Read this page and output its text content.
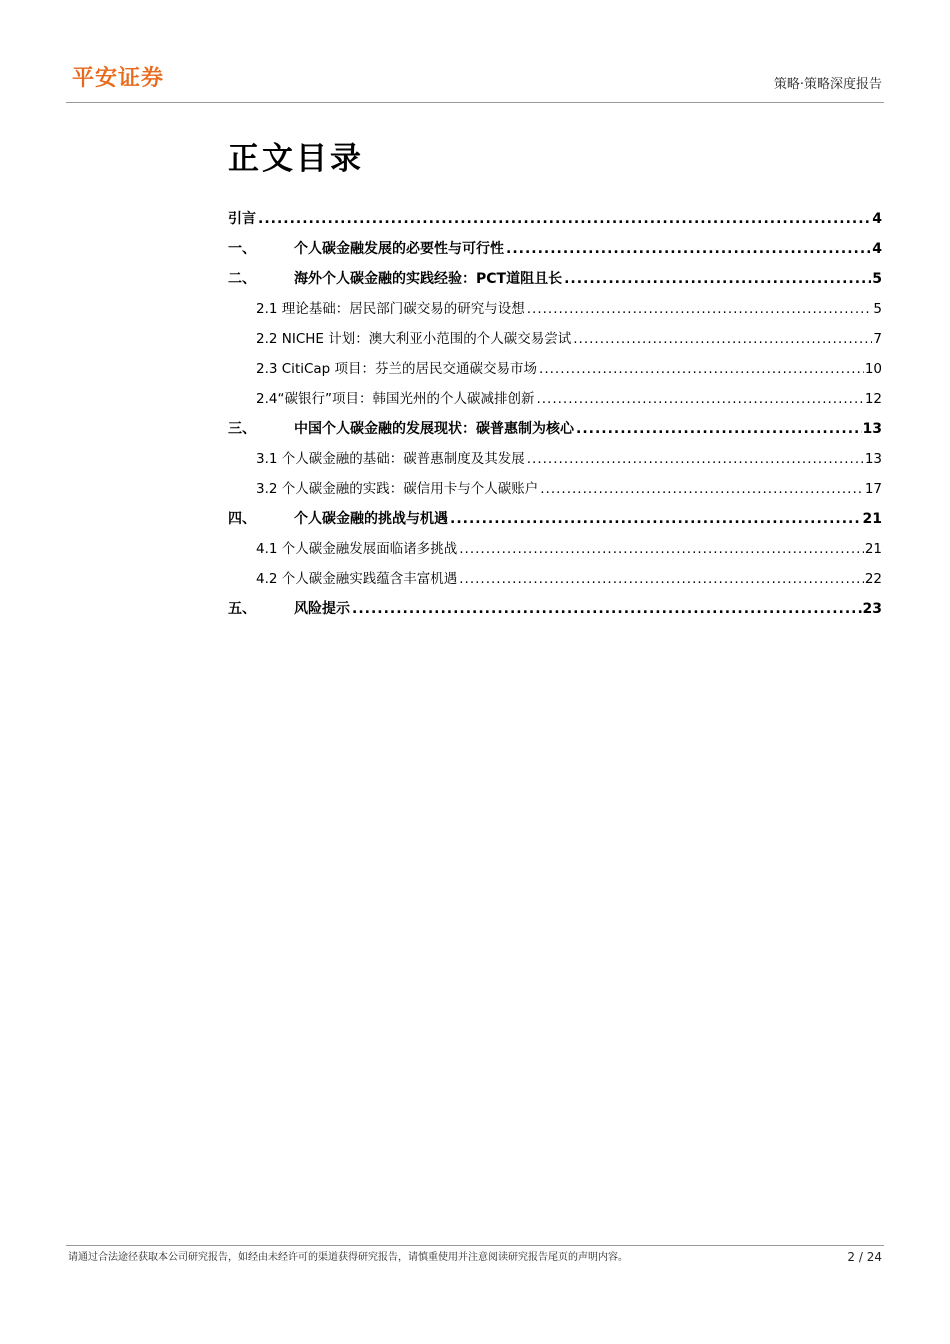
平安证券	策略·策略深度报告
正文目录
引言 .....	4
一、	个人碳金融发展的必要性与可行性 .....	4
二、	海外个人碳金融的实践经验：PCT道阻且长 .....	5
2.1 理论基础：居民部门碳交易的研究与设想 .....	5
2.2 NICHE 计划：澳大利亚小范围的个人碳交易尝试 .....	7
2.3 CitiCap 项目：芬兰的居民交通碳交易市场 .....	10
2.4“碳银行”项目：韩国光州的个人碳减排创新 .....	12
三、	中国个人碳金融的发展现状：碳普惠制为核心 .....	13
3.1 个人碳金融的基础：碳普惠制度及其发展 .....	13
3.2 个人碳金融的实践：碳信用卡与个人碳账户 .....	17
四、	个人碳金融的挑战与机遇 .....	21
4.1 个人碳金融发展面临诸多挑战 .....	21
4.2 个人碳金融实践蕴含丰富机遇 .....	22
五、	风险提示 .....	23
请通过合法途径获取本公司研究报告，如经由未经许可的渠道获得研究报告，请慎重使用并注意阅读研究报告尾页的声明内容。	2 / 24
